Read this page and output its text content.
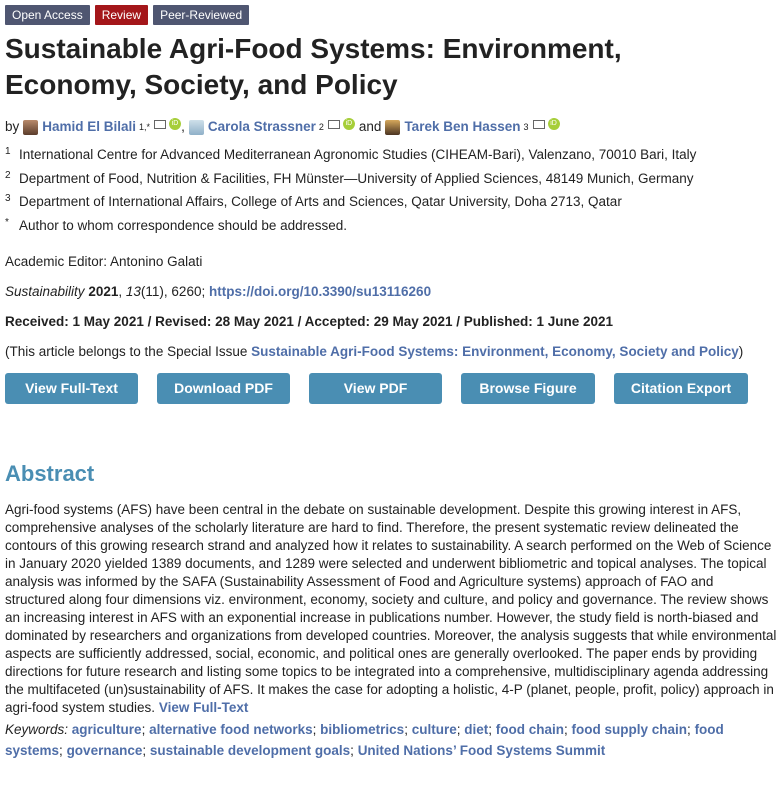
Open Access	Review	Peer-Reviewed
Sustainable Agri-Food Systems: Environment, Economy, Society, and Policy
by Hamid El Bilali 1,*	iD , Carola Strassner 2	iD and Tarek Ben Hassen 3	iD
1 International Centre for Advanced Mediterranean Agronomic Studies (CIHEAM-Bari), Valenzano, 70010 Bari, Italy
2 Department of Food, Nutrition & Facilities, FH Münster—University of Applied Sciences, 48149 Munich, Germany
3 Department of International Affairs, College of Arts and Sciences, Qatar University, Doha 2713, Qatar
* Author to whom correspondence should be addressed.
Academic Editor: Antonino Galati
Sustainability 2021, 13(11), 6260; https://doi.org/10.3390/su13116260
Received: 1 May 2021 / Revised: 28 May 2021 / Accepted: 29 May 2021 / Published: 1 June 2021
(This article belongs to the Special Issue Sustainable Agri-Food Systems: Environment, Economy, Society and Policy)
View Full-Text	Download PDF	View PDF	Browse Figure	Citation Export
Abstract
Agri-food systems (AFS) have been central in the debate on sustainable development. Despite this growing interest in AFS, comprehensive analyses of the scholarly literature are hard to find. Therefore, the present systematic review delineated the contours of this growing research strand and analyzed how it relates to sustainability. A search performed on the Web of Science in January 2020 yielded 1389 documents, and 1289 were selected and underwent bibliometric and topical analyses. The topical analysis was informed by the SAFA (Sustainability Assessment of Food and Agriculture systems) approach of FAO and structured along four dimensions viz. environment, economy, society and culture, and policy and governance. The review shows an increasing interest in AFS with an exponential increase in publications number. However, the study field is north-biased and dominated by researchers and organizations from developed countries. Moreover, the analysis suggests that while environmental aspects are sufficiently addressed, social, economic, and political ones are generally overlooked. The paper ends by providing directions for future research and listing some topics to be integrated into a comprehensive, multidisciplinary agenda addressing the multifaceted (un)sustainability of AFS. It makes the case for adopting a holistic, 4-P (planet, people, profit, policy) approach in agri-food system studies. View Full-Text
Keywords: agriculture; alternative food networks; bibliometrics; culture; diet; food chain; food supply chain; food systems; governance; sustainable development goals; United Nations’ Food Systems Summit
